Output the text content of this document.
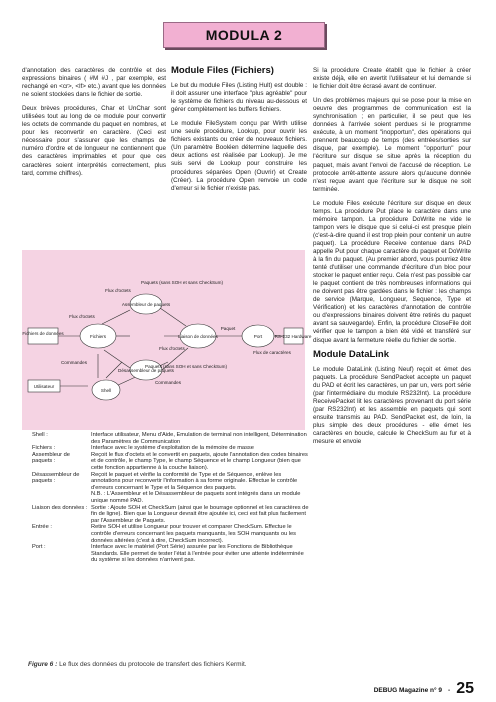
MODULA 2

d'annotation des caractères de contrôle et des expressions binaires ( #M #J , par exemple, est rechangé en <cr>, <lf> etc.) avant que les données ne soient stockées dans le fichier de sortie.

Deux brèves procédures, Char et UnChar sont utilisées tout au long de ce module pour convertir les octets de commande du paquet en nombres, et pour les reconvertir en caractère. (Ceci est nécessaire pour s'assurer que les champs de numéro d'ordre et de longueur ne contiennent que des caractères imprimables et pour que ces caractères soient interprétés correctement, plus tard, comme chiffres).

Module Files (Fichiers)

Le but du module Files (Listing Hult) est double : il doit assurer une interface "plus agréable" pour le système de fichiers du niveau au-dessous et gérer complètement les buffers fichiers.

Le module FileSystem conçu par Wirth utilise une seule procédure, Lookup, pour ouvrir les fichiers existants ou créer de nouveaux fichiers. (Un paramètre Booléen détermine laquelle des deux actions est réalisée par Lookup). Je me suis servi de Lookup pour construire les procédures séparées Open (Ouvrir) et Create (Créer). La procédure Open renvoie un code d'erreur si le fichier n'existe pas.

Si la procédure Create établit que le fichier à créer existe déjà, elle en avertit l'utilisateur et lui demande si le fichier doit être écrasé avant de continuer.

Un des problèmes majeurs qui se pose pour la mise en oeuvre des programmes de communication est la synchronisation ; en particulier, il se peut que les données à l'arrivée soient perdues si le programme exécute, à un moment "inopportun", des opérations qui prennent beaucoup de temps (des entrées/sorties sur disque, par exemple). Le moment "opportun" pour l'écriture sur disque se situe après la réception du paquet, mais avant l'envoi de l'accusé de réception. Le protocole arrêt-attente assure alors qu'aucune donnée n'est reçue avant que l'écriture sur le disque ne soit terminée.

Le module Files exécute l'écriture sur disque en deux temps. La procédure Put place le caractère dans une mémoire tampon. La procédure DoWrite ne vide le tampon vers le disque que si celui-ci est presque plein (c'est-à-dire quand il est trop plein pour contenir un autre paquet). La procédure Receive contenue dans PAD appelle Put pour chaque caractère du paquet et DoWrite à la fin du paquet. (Au premier abord, vous pourriez être tenté d'utiliser une commande d'écriture d'un bloc pour stocker le paquet entier reçu. Cela n'est pas possible car le paquet contient de très nombreuses informations qui ne doivent pas être gardées dans le fichier : les champs de service (Marque, Longueur, Sequence, Type et Vérification) et les caractères d'annotation de contrôle ou d'expressions binaires doivent être retirés du paquet avant sa sauvegarde). Enfin, la procédure CloseFile doit vérifier que le tampon a bien été vidé et transféré sur disque avant la fermeture réelle du fichier de sortie.

Module DataLink

Le module DataLink (Listing Neuf) reçoit et émet des paquets. La procédure SendPacket accepte un paquet du PAD et écrit les caractères, un par un, vers port série (par l'intermédiaire du module RS232Int). La procédure ReceivePacket lit les caractères provenant du port série (par RS232Int) et les assemble en paquets qui sont ensuite transmis au PAD. SendPacket est, de loin, la plus simple des deux procédures - elle émet les caractères en boucle, calcule le CheckSum au fur et à mesure et envoie

Fichiers de données
Fichiers
Assembleur de paquets
Désassembleur de paquets
Liaison de données	Port	RS-232 Hardware
Utilisateur
Shell
Flux d'octets
Flux d'octets
Flux d'octets
Paquets (sans SOH et sans CheckSum)
Paquets (sans SOH et sans CheckSum)
Paquet
Flux de caractères
Commandes
Commandes
Shell :	Interface utilisateur, Menu d'Aide, Emulation de terminal non intelligent, Détermination des Paramètres de Communication
Fichiers :	Interface avec le système d'exploitation de la mémoire de masse
Assembleur de paquets :
Reçoit le flux d'octets et le convertit en paquets, ajoute l'annotation des codes binaires et de contrôle, le champ Type, le champ Séquence et le champ Longueur (bien que cette fonction appartienne à la couche liaison).
Désassembleur de paquets :
Reçoit le paquet et vérifie la conformité de Type et de Séquence, enlève les annotations pour reconvertir l'information à sa forme originale. Effectue le contrôle d'erreurs concernant le Type et la Séquence des paquets.
N.B. : L'Assembleur et le Désassembleur de paquets sont intégrés dans un module unique nommé PAD.
Liaison des données : Sortie : Ajoute SOH et CheckSum (ainsi que le bourrage optionnel et les caractères de fin de ligne). Bien que la Longueur devrait être ajoutée ici, ceci est fait plus facilement par l'Assembleur de Paquets.
Entrée :	Retire SOH et utilise Longueur pour trouver et comparer CheckSum. Effectue le contrôle d'erreurs concernant les paquets manquants, les SOH manquants ou les données altérées (c'est à dire, CheckSum incorrect).
Port :	Interface avec le matériel (Port Série) assurée par les Fonctions de Bibliothèque Standards. Elle permet de tester l'état à l'entrée pour éviter une attente indéterminée du système si les données n'arrivent pas.
Figure 6 : Le flux des données du protocole de transfert des fichiers Kermit.
DEBUG Magazine n° 9 - 25
